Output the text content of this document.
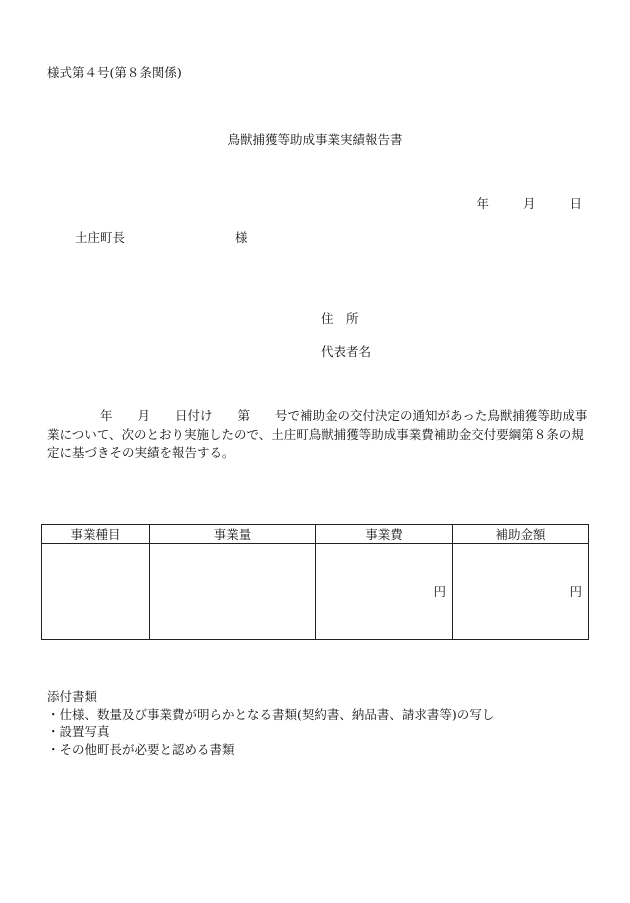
様式第４号(第８条関係)
鳥獣捕獲等助成事業実績報告書
年	月	日
土庄町長	様
住　所
代表者名
年　　月　　日付け　　第　　号で補助金の交付決定の通知があった鳥獣捕獲等助成事業について、次のとおり実施したので、土庄町鳥獣捕獲等助成事業費補助金交付要綱第８条の規定に基づきその実績を報告する。
事業種目	事業量	事業費	補助金額
		円	円
添付書類
・仕様、数量及び事業費が明らかとなる書類(契約書、納品書、請求書等)の写し
・設置写真
・その他町長が必要と認める書類
